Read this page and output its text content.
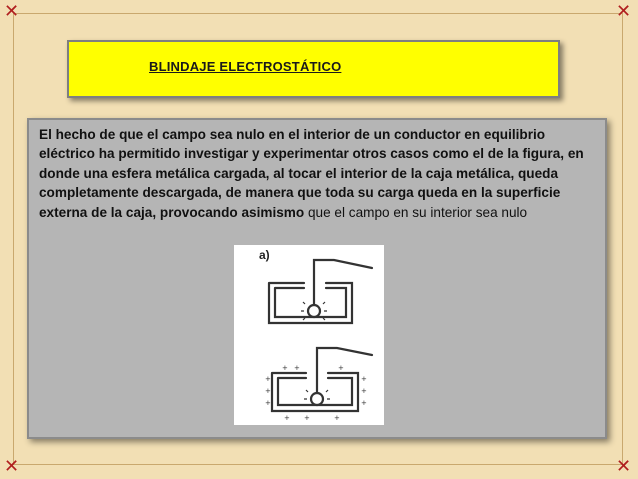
✕	✕
✕	✕
BLINDAJE ELECTROSTÁTICO

El hecho de que el campo sea nulo en el interior de un conductor en equilibrio eléctrico ha permitido investigar y experimentar otros casos como el de la figura, en donde una esfera metálica cargada, al tocar el interior de la caja metálica, queda completamente descargada, de manera que toda su carga queda en la superficie externa de la caja, provocando asimismo que el campo en su interior sea nulo

a)
+
+
+
+
+
+
+ +	+
+ +	+
